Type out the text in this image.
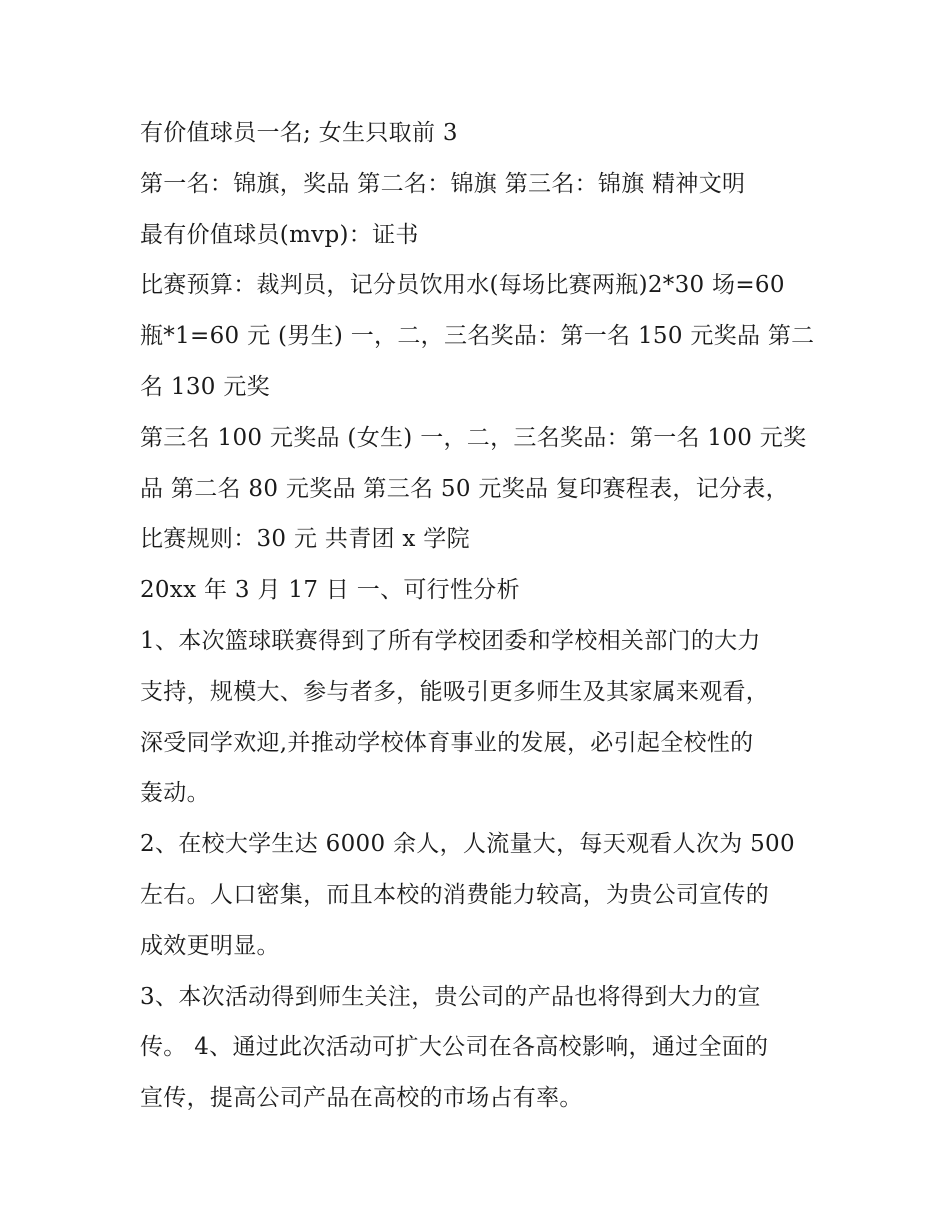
有价值球员一名; 女生只取前 3
第一名：锦旗，奖品 第二名：锦旗 第三名：锦旗 精神文明
最有价值球员(mvp)：证书
比赛预算：裁判员，记分员饮用水(每场比赛两瓶)2*30 场=60
瓶*1=60 元 (男生) 一，二，三名奖品：第一名 150 元奖品 第二
名 130 元奖
第三名 100 元奖品 (女生) 一，二，三名奖品：第一名 100 元奖
品 第二名 80 元奖品 第三名 50 元奖品 复印赛程表，记分表，
比赛规则：30 元 共青团 x 学院
20xx 年 3 月 17 日 一、可行性分析
1、本次篮球联赛得到了所有学校团委和学校相关部门的大力
支持，规模大、参与者多，能吸引更多师生及其家属来观看，
深受同学欢迎,并推动学校体育事业的发展，必引起全校性的
轰动。
2、在校大学生达 6000 余人，人流量大，每天观看人次为 500
左右。人口密集，而且本校的消费能力较高，为贵公司宣传的
成效更明显。
3、本次活动得到师生关注，贵公司的产品也将得到大力的宣
传。 4、通过此次活动可扩大公司在各高校影响，通过全面的
宣传，提高公司产品在高校的市场占有率。
